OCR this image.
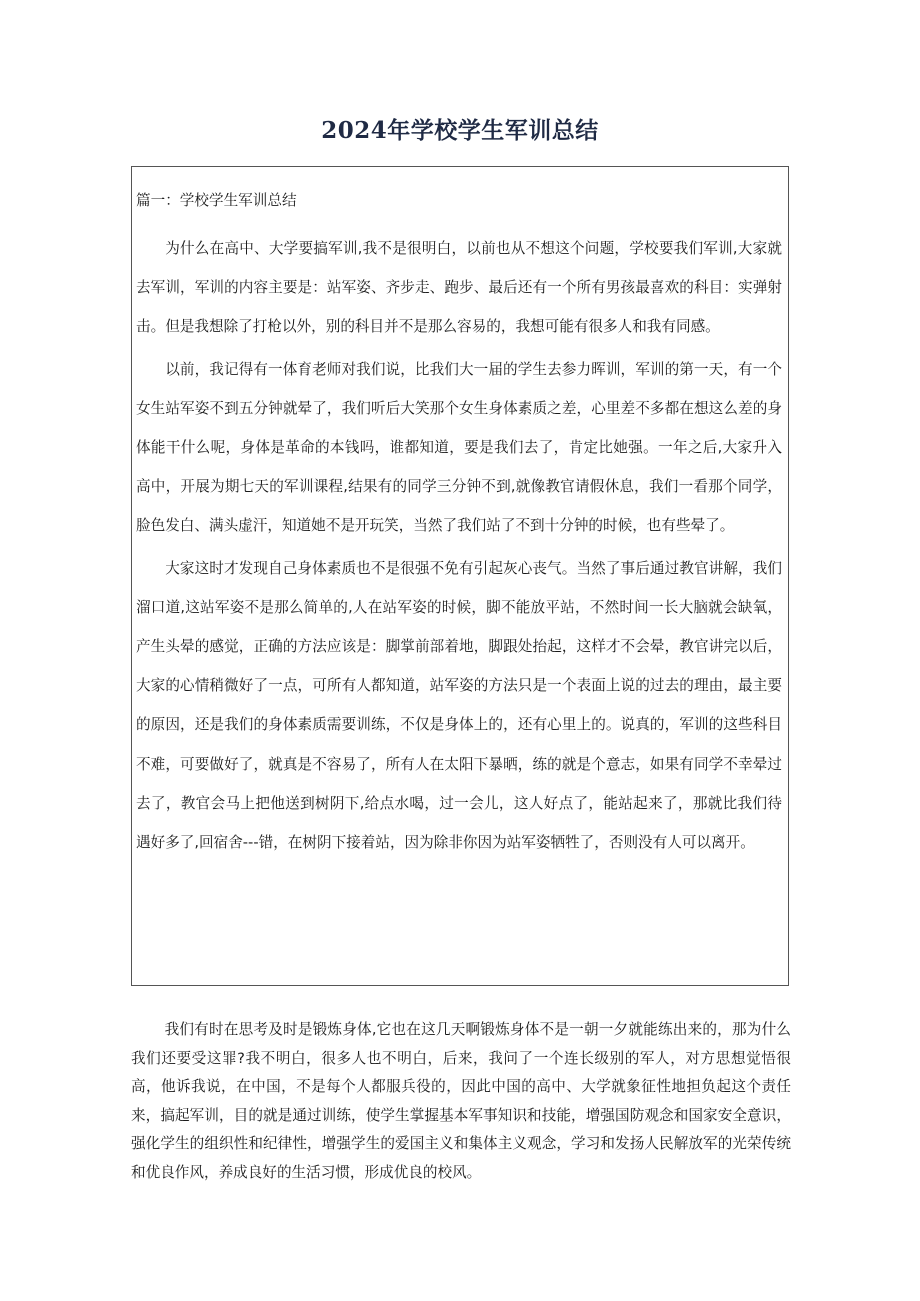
2024年学校学生军训总结
篇一：学校学生军训总结

为什么在高中、大学要搞军训,我不是很明白，以前也从不想这个问题，学校要我们军训,大家就去军训，军训的内容主要是：站军姿、齐步走、跑步、最后还有一个所有男孩最喜欢的科目：实弹射击。但是我想除了打枪以外，别的科目并不是那么容易的，我想可能有很多人和我有同感。

以前，我记得有一体育老师对我们说，比我们大一届的学生去参力晖训，军训的第一天，有一个女生站军姿不到五分钟就晕了，我们听后大笑那个女生身体素质之差，心里差不多都在想这么差的身体能干什么呢，身体是革命的本钱吗，谁都知道，要是我们去了，肯定比她强。一年之后,大家升入高中，开展为期七天的军训课程,结果有的同学三分钟不到,就像教官请假休息，我们一看那个同学，脸色发白、满头虚汗，知道她不是开玩笑，当然了我们站了不到十分钟的时候，也有些晕了。

大家这时才发现自己身体素质也不是很强不免有引起灰心丧气。当然了事后通过教官讲解，我们溜口道,这站军姿不是那么简单的,人在站军姿的时候，脚不能放平站，不然时间一长大脑就会缺氧，产生头晕的感觉，正确的方法应该是：脚掌前部着地，脚跟处抬起，这样才不会晕，教官讲完以后，大家的心情稍微好了一点，可所有人都知道，站军姿的方法只是一个表面上说的过去的理由，最主要的原因，还是我们的身体素质需要训练，不仅是身体上的，还有心里上的。说真的，军训的这些科目不难，可要做好了，就真是不容易了，所有人在太阳下暴晒，练的就是个意志，如果有同学不幸晕过去了，教官会马上把他送到树阴下,给点水喝，过一会儿，这人好点了，能站起来了，那就比我们待遇好多了,回宿舍---错，在树阴下接着站，因为除非你因为站军姿牺牲了，否则没有人可以离开。

我们有时在思考及时是锻炼身体,它也在这几天啊锻炼身体不是一朝一夕就能练出来的，那为什么我们还要受这罪?我不明白，很多人也不明白，后来，我问了一个连长级别的军人，对方思想觉悟很高，他诉我说，在中国，不是每个人都服兵役的，因此中国的高中、大学就象征性地担负起这个责任来，搞起军训，目的就是通过训练，使学生掌握基本军事知识和技能，增强国防观念和国家安全意识，强化学生的组织性和纪律性，增强学生的爱国主义和集体主义观念，学习和发扬人民解放军的光荣传统和优良作风，养成良好的生活习惯，形成优良的校风。
